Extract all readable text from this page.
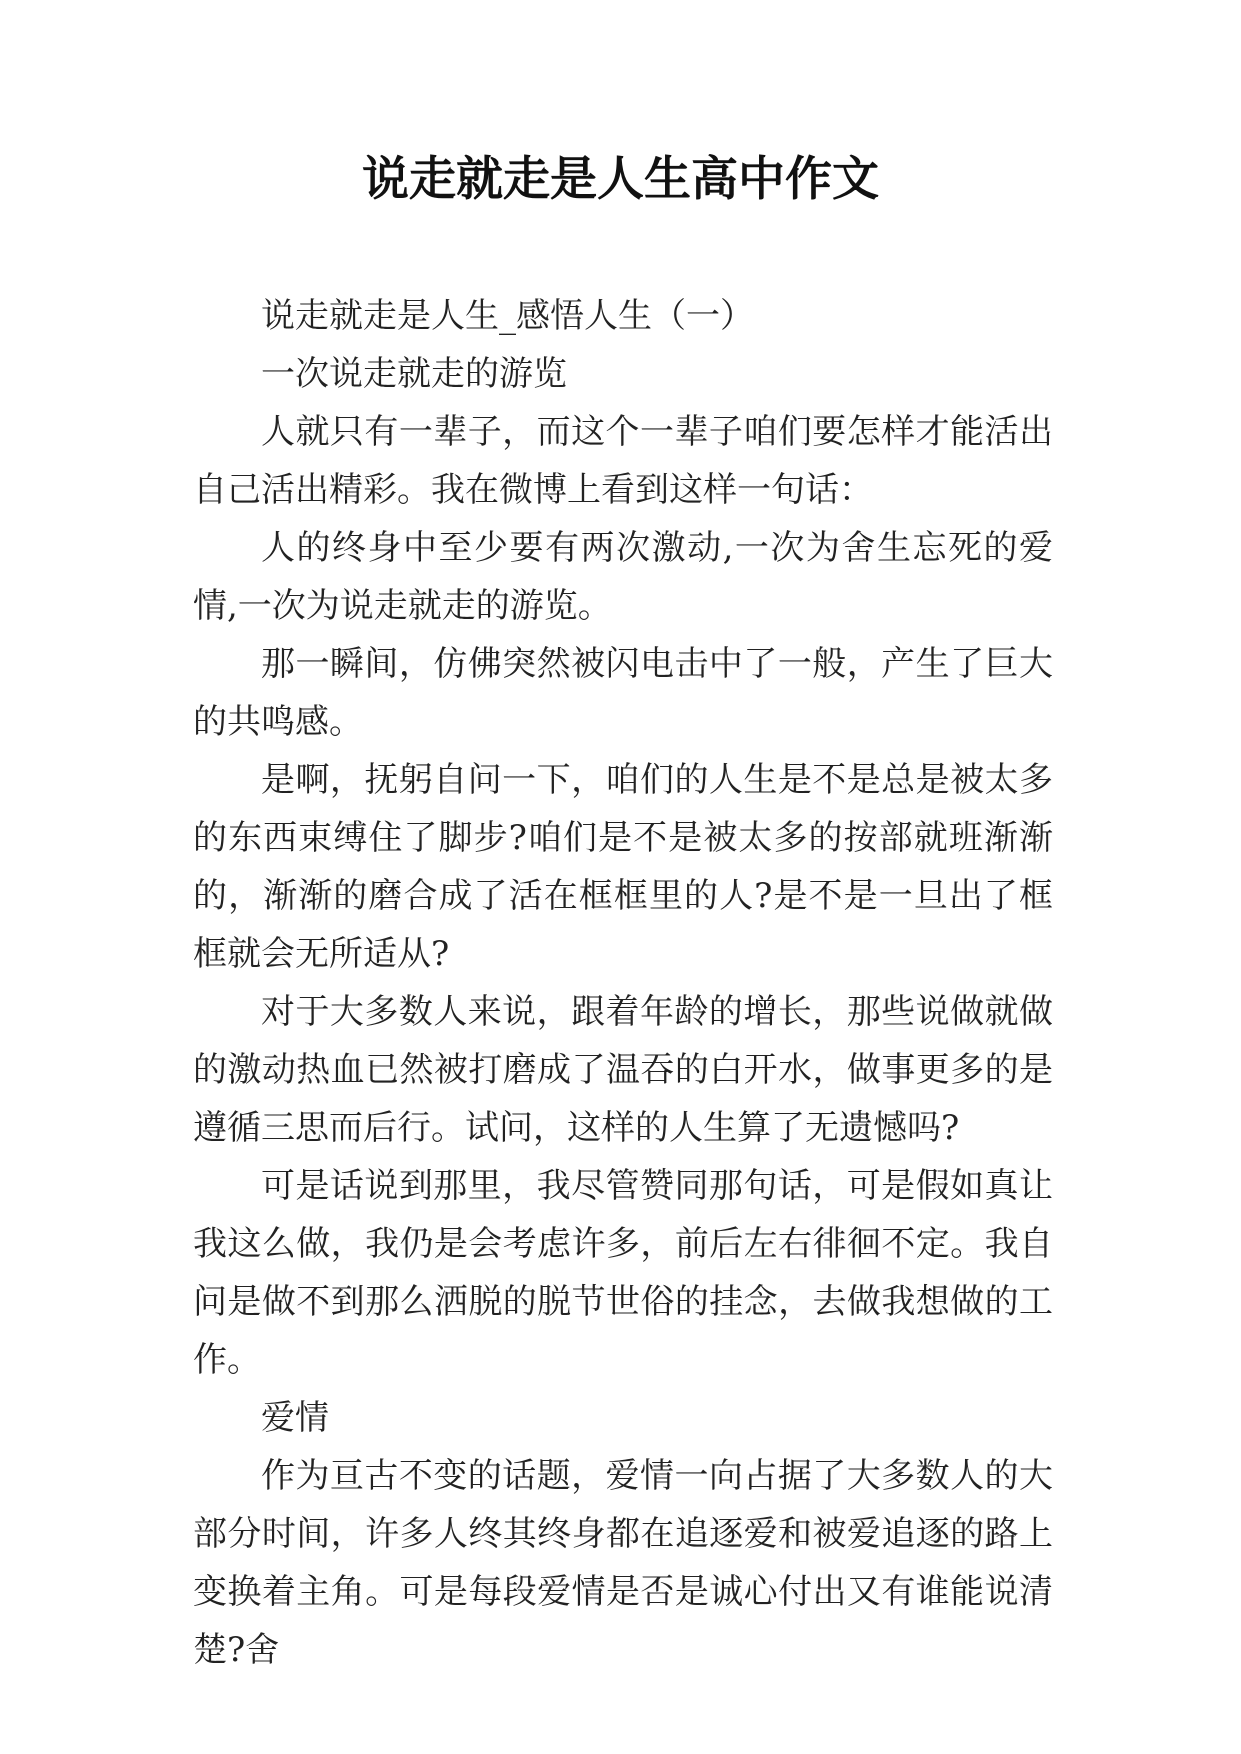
说走就走是人生高中作文

说走就走是人生_感悟人生（一）

一次说走就走的游览

人就只有一辈子，而这个一辈子咱们要怎样才能活出自己活出精彩。我在微博上看到这样一句话：

人的终身中至少要有两次激动,一次为舍生忘死的爱情,一次为说走就走的游览。

那一瞬间，仿佛突然被闪电击中了一般，产生了巨大的共鸣感。

是啊，抚躬自问一下，咱们的人生是不是总是被太多的东西束缚住了脚步?咱们是不是被太多的按部就班渐渐的，渐渐的磨合成了活在框框里的人?是不是一旦出了框框就会无所适从?

对于大多数人来说，跟着年龄的增长，那些说做就做的激动热血已然被打磨成了温吞的白开水，做事更多的是遵循三思而后行。试问，这样的人生算了无遗憾吗?

可是话说到那里，我尽管赞同那句话，可是假如真让我这么做，我仍是会考虑许多，前后左右徘徊不定。我自问是做不到那么洒脱的脱节世俗的挂念，去做我想做的工作。

爱情

作为亘古不变的话题，爱情一向占据了大多数人的大部分时间，许多人终其终身都在追逐爱和被爱追逐的路上变换着主角。可是每段爱情是否是诚心付出又有谁能说清楚?舍
